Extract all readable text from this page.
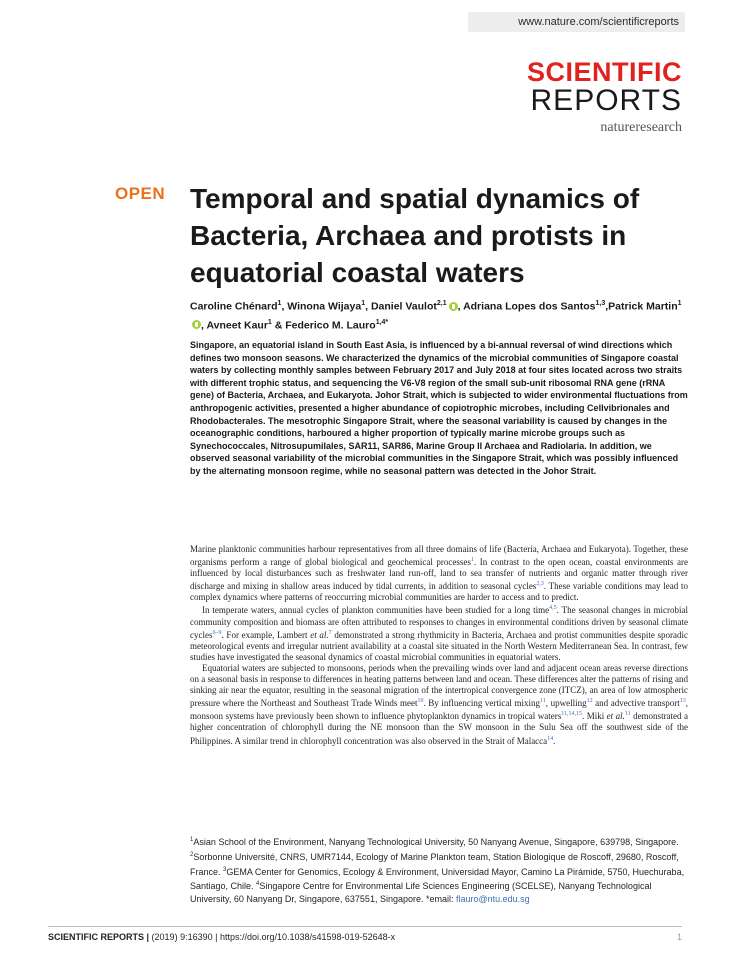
www.nature.com/scientificreports
SCIENTIFIC
REPORTS
natureresearch
OPEN Temporal and spatial dynamics of Bacteria, Archaea and protists in equatorial coastal waters
Caroline Chénard$^1$, Winona Wijaya$^1$, Daniel Vaulot$^{2,1}$ , Adriana Lopes dos Santos$^{1,3}$,Patrick Martin$^1$, Avneet Kaur$^1$ & Federico M. Lauro$^{1,4*}$

Singapore, an equatorial island in South East Asia, is influenced by a bi-annual reversal of wind directions which defines two monsoon seasons. We characterized the dynamics of the microbial communities of Singapore coastal waters by collecting monthly samples between February 2017 and July 2018 at four sites located across two straits with different trophic status, and sequencing the V6-V8 region of the small sub-unit ribosomal RNA gene (rRNA gene) of Bacteria, Archaea, and Eukaryota. Johor Strait, which is subjected to wider environmental fluctuations from anthropogenic activities, presented a higher abundance of copiotrophic microbes, including Cellvibrionales and Rhodobacterales. The mesotrophic Singapore Strait, where the seasonal variability is caused by changes in the oceanographic conditions, harboured a higher proportion of typically marine microbe groups such as Synechococcales, Nitrosupumilales, SAR11, SAR86, Marine Group II Archaea and Radiolaria. In addition, we observed seasonal variability of the microbial communities in the Singapore Strait, which was possibly influenced by the alternating monsoon regime, while no seasonal pattern was detected in the Johor Strait.

Marine planktonic communities harbour representatives from all three domains of life (Bacteria, Archaea and Eukaryota). Together, these organisms perform a range of global biological and geochemical processes$^1$. In contrast to the open ocean, coastal environments are influenced by local disturbances such as freshwater land run-off, land to sea transfer of nutrients and organic matter through river discharge and mixing in shallow areas induced by tidal currents, in addition to seasonal cycles$^{2,3}$. These variable conditions may lead to complex dynamics where patterns of reoccurring microbial communities are harder to access and to predict.

In temperate waters, annual cycles of plankton communities have been studied for a long time$^{4,5}$. The seasonal changes in microbial community composition and biomass are often attributed to responses to changes in environmental conditions driven by seasonal climate cycles$^{6-9}$. For example, Lambert et al.$^7$ demonstrated a strong rhythmicity in Bacteria, Archaea and protist communities despite sporadic meteorological events and irregular nutrient availability at a coastal site situated in the North Western Mediterranean Sea. In contrast, few studies have investigated the seasonal dynamics of coastal microbial communities in equatorial waters.

Equatorial waters are subjected to monsoons, periods when the prevailing winds over land and adjacent ocean areas reverse directions on a seasonal basis in response to differences in heating patterns between land and ocean. These differences alter the patterns of rising and sinking air near the equator, resulting in the seasonal migration of the intertropical convergence zone (ITCZ), an area of low atmospheric pressure where the Northeast and Southeast Trade Winds meet$^{10}$. By influencing vertical mixing$^{11}$, upwelling$^{12}$ and advective transport$^{13}$, monsoon systems have previously been shown to influence phytoplankton dynamics in tropical waters$^{11,14,15}$. Miki et al.$^{11}$ demonstrated a higher concentration of chlorophyll during the NE monsoon than the SW monsoon in the Sulu Sea off the southwest side of the Philippines. A similar trend in chlorophyll concentration was also observed in the Strait of Malacca$^{14}$.

$^1$Asian School of the Environment, Nanyang Technological University, 50 Nanyang Avenue, Singapore, 639798, Singapore. $^2$Sorbonne Université, CNRS, UMR7144, Ecology of Marine Plankton team, Station Biologique de Roscoff, 29680, Roscoff, France. $^3$GEMA Center for Genomics, Ecology & Environment, Universidad Mayor, Camino La Pirámide, 5750, Huechuraba, Santiago, Chile. $^4$Singapore Centre for Environmental Life Sciences Engineering (SCELSE), Nanyang Technological University, 60 Nanyang Dr, Singapore, 637551, Singapore. *email: flauro@ntu.edu.sg

SCIENTIFIC REPORTS | (2019) 9:16390 | https://doi.org/10.1038/s41598-019-52648-x	1
